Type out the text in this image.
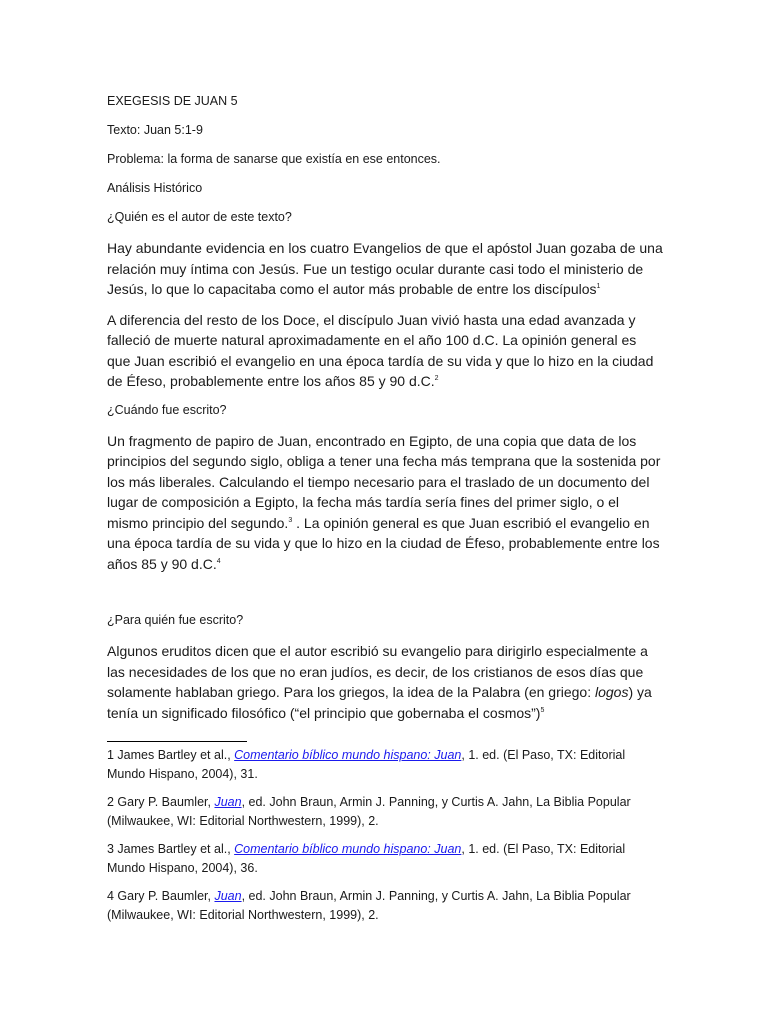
EXEGESIS DE JUAN 5

Texto: Juan 5:1-9

Problema: la forma de sanarse que existía en ese entonces.

Análisis Histórico

¿Quién es el autor de este texto?

Hay abundante evidencia en los cuatro Evangelios de que el apóstol Juan gozaba de una relación muy íntima con Jesús. Fue un testigo ocular durante casi todo el ministerio de Jesús, lo que lo capacitaba como el autor más probable de entre los discípulos$^1$

A diferencia del resto de los Doce, el discípulo Juan vivió hasta una edad avanzada y falleció de muerte natural aproximadamente en el año 100 d.C. La opinión general es que Juan escribió el evangelio en una época tardía de su vida y que lo hizo en la ciudad de Éfeso, probablemente entre los años 85 y 90 d.C.$^2$

¿Cuándo fue escrito?

Un fragmento de papiro de Juan, encontrado en Egipto, de una copia que data de los principios del segundo siglo, obliga a tener una fecha más temprana que la sostenida por los más liberales. Calculando el tiempo necesario para el traslado de un documento del lugar de composición a Egipto, la fecha más tardía sería fines del primer siglo, o el mismo principio del segundo.$^3$ . La opinión general es que Juan escribió el evangelio en una época tardía de su vida y que lo hizo en la ciudad de Éfeso, probablemente entre los años 85 y 90 d.C.$^4$

¿Para quién fue escrito?

Algunos eruditos dicen que el autor escribió su evangelio para dirigirlo especialmente a las necesidades de los que no eran judíos, es decir, de los cristianos de esos días que solamente hablaban griego. Para los griegos, la idea de la Palabra (en griego: logos) ya tenía un significado filosófico (“el principio que gobernaba el cosmos”)$^5$

1 James Bartley et al., Comentario bíblico mundo hispano: Juan, 1. ed. (El Paso, TX: Editorial Mundo Hispano, 2004), 31.

2 Gary P. Baumler, Juan, ed. John Braun, Armin J. Panning, y Curtis A. Jahn, La Biblia Popular (Milwaukee, WI: Editorial Northwestern, 1999), 2.

3 James Bartley et al., Comentario bíblico mundo hispano: Juan, 1. ed. (El Paso, TX: Editorial Mundo Hispano, 2004), 36.

4 Gary P. Baumler, Juan, ed. John Braun, Armin J. Panning, y Curtis A. Jahn, La Biblia Popular (Milwaukee, WI: Editorial Northwestern, 1999), 2.
